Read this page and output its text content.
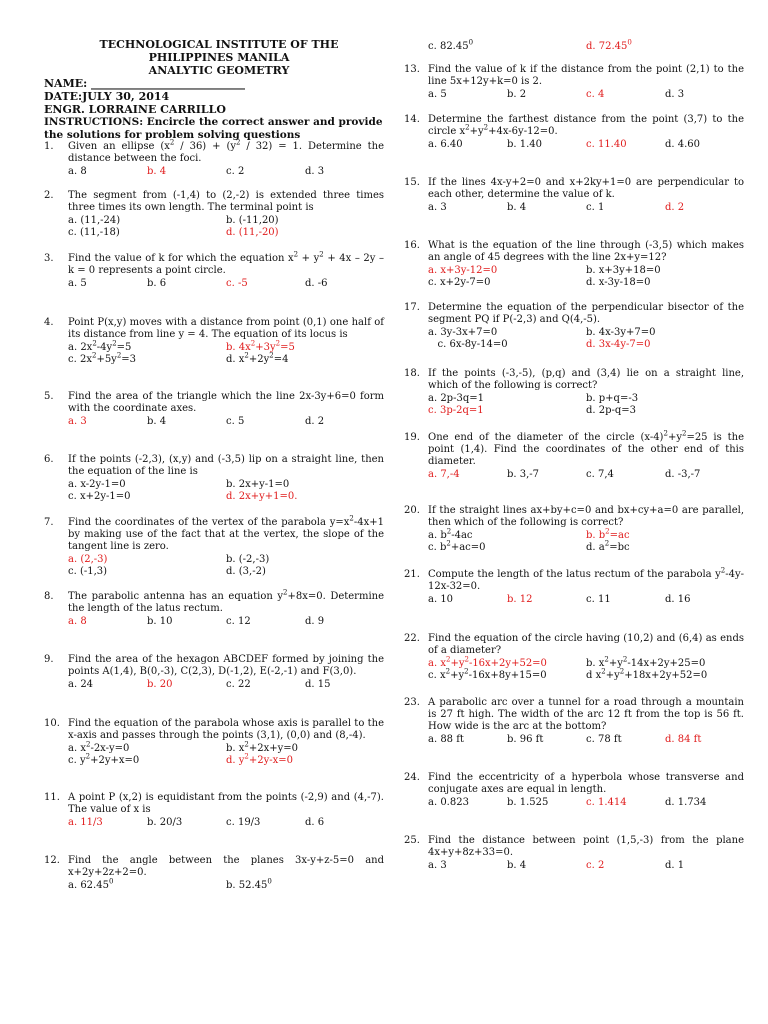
TECHNOLOGICAL INSTITUTE OF THE
PHILIPPINES MANILA
ANALYTIC GEOMETRY
NAME: ____________________________
DATE:JULY 30, 2014
ENGR. LORRAINE CARRILLO
INSTRUCTIONS: Encircle the correct answer and provide the solutions for problem solving questions
1. Given an ellipse $(x^2 / 36) + (y^2 / 32) = 1$. Determine the distance between the foci.
a. 8	b. 4	c. 2	d. 3
2. The segment from (-1,4) to (2,-2) is extended three times three times its own length. The terminal point is
a. (11,-24)	b. (-11,20)
c. (11,-18)	d. (11,-20)
3. Find the value of k for which the equation $x^2 + y^2 + 4x - 2y - k = 0$ represents a point circle.
a. 5	b. 6	c. -5	d. -6
4. Point P(x,y) moves with a distance from point (0,1) one half of its distance from line y = 4. The equation of its locus is
a. $2x^2-4y^2=5$	b. $4x^2+3y^2=5$
c. $2x^2+5y^2=3$	d. $x^2+2y^2=4$
5. Find the area of the triangle which the line 2x-3y+6=0 form with the coordinate axes.
a. 3	b. 4	c. 5	d. 2
6. If the points (-2,3), (x,y) and (-3,5) lip on a straight line, then the equation of the line is
a. x-2y-1=0	b. 2x+y-1=0
c. x+2y-1=0	d. 2x+y+1=0.
7. Find the coordinates of the vertex of the parabola $y=x^2-4x+1$ by making use of the fact that at the vertex, the slope of the tangent line is zero.
a. (2,-3)	b. (-2,-3)
c. (-1,3)	d. (3,-2)
8. The parabolic antenna has an equation $y^2+8x=0$. Determine the length of the latus rectum.
a. 8	b. 10	c. 12	d. 9
9. Find the area of the hexagon ABCDEF formed by joining the points A(1,4), B(0,-3), C(2,3), D(-1,2), E(-2,-1) and F(3,0).
a. 24	b. 20	c. 22	d. 15
10. Find the equation of the parabola whose axis is parallel to the x-axis and passes through the points (3,1), (0,0) and (8,-4).
a. $x^2-2x-y=0$	b. $x^2+2x+y=0$
c. $y^2+2y+x=0$	d. $y^2+2y-x=0$
11. A point P (x,2) is equidistant from the points (-2,9) and (4,-7). The value of x is
a. 11/3	b. 20/3	c. 19/3	d. 6
12. Find the angle between the planes 3x-y+z-5=0 and x+2y+2z+2=0.
a. 62.45$^0$	b. 52.45$^0$
c. 82.45$^0$	d. 72.45$^0$
13. Find the value of k if the distance from the point (2,1) to the line 5x+12y+k=0 is 2.
a. 5	b. 2	c. 4	d. 3
14. Determine the farthest distance from the point (3,7) to the circle $x^2+y^2+4x-6y-12=0$.
a. 6.40	b. 1.40	c. 11.40	d. 4.60
15. If the lines 4x-y+2=0 and x+2ky+1=0 are perpendicular to each other, determine the value of k.
a. 3	b. 4	c. 1	d. 2
16. What is the equation of the line through (-3,5) which makes an angle of 45 degrees with the line 2x+y=12?
a. x+3y-12=0	b. x+3y+18=0
c. x+2y-7=0	d. x-3y-18=0
17. Determine the equation of the perpendicular bisector of the segment PQ if P(-2,3) and Q(4,-5).
a. 3y-3x+7=0	b. 4x-3y+7=0
c. 6x-8y-14=0	d. 3x-4y-7=0
18. If the points (-3,-5), (p,q) and (3,4) lie on a straight line, which of the following is correct?
a. 2p-3q=1	b. p+q=-3
c. 3p-2q=1	d. 2p-q=3
19. One end of the diameter of the circle $(x-4)^2+y^2=25$ is the point (1,4). Find the coordinates of the other end of this diameter.
a. 7,-4	b. 3,-7	c. 7,4	d. -3,-7
20. If the straight lines ax+by+c=0 and bx+cy+a=0 are parallel, then which of the following is correct?
a. $b^2-4ac$	b. $b^2=ac$
c. $b^2+ac=0$	d. $a^2=bc$
21. Compute the length of the latus rectum of the parabola $y^2-4y-12x-32=0$.
a. 10	b. 12	c. 11	d. 16
22. Find the equation of the circle having (10,2) and (6,4) as ends of a diameter?
a. $x^2+y^2-16x+2y+52=0$	b. $x^2+y^2-14x+2y+25=0$
c. $x^2+y^2-16x+8y+15=0$	d $x^2+y^2+18x+2y+52=0$
23. A parabolic arc over a tunnel for a road through a mountain is 27 ft high. The width of the arc 12 ft from the top is 56 ft. How wide is the arc at the bottom?
a. 88 ft	b. 96 ft	c. 78 ft	d. 84 ft
24. Find the eccentricity of a hyperbola whose transverse and conjugate axes are equal in length.
a. 0.823	b. 1.525	c. 1.414	d. 1.734
25. Find the distance between point (1,5,-3) from the plane 4x+y+8z+33=0.
a. 3	b. 4	c. 2	d. 1
